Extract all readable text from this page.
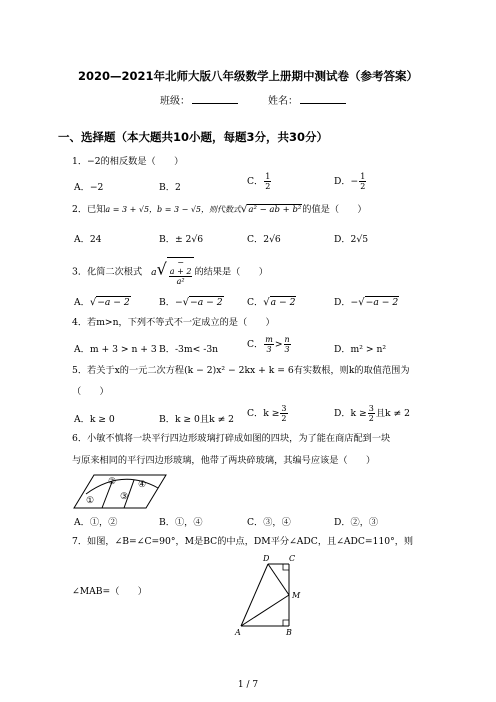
2020—2021年北师大版八年级数学上册期中测试卷（参考答案）
班级：	姓名：
一、选择题（本大题共10小题，每题3分，共30分）
1．−2的相反数是（　　）
A．−2	B．2
C． $\frac{1}{2}$	D．− $\frac{1}{2}$
2．已知a = 3 + √5，b = 3 − √5，则代数式√a² − ab + b²的值是（　　）
A．24	B．± 2√6	C．2√6	D．2√5
3．化简二次根式 a√ −
a + 2
a²
的结果是（　　）
A．√−a − 2	B．−√−a − 2	C．√a − 2	D．−√−a − 2
4．若m>n，下列不等式不一定成立的是（　　）
A．m + 3 > n + 3 B．-3m< -3n	C． $\frac{m}{3} > \frac{n}{3}$	D．m² > n²
5．若关于x的一元二次方程(k − 2)x² − 2kx + k = 6有实数根，则k的取值范围为
（　　）
A．k ≥ 0	B．k ≥ 0且k ≠ 2
C．$k \ge \frac{3}{2}$	D．$k \ge \frac{3}{2}$ 且k ≠ 2
6．小敏不慎将一块平行四边形玻璃打碎成如图的四块，为了能在商店配到一块
与原来相同的平行四边形玻璃，他带了两块碎玻璃，其编号应该是（　　）
② ④
①	③
A．①，②	B．①，④	C．③，④	D．②，③
7．如图，∠B=∠C=90°，M是BC的中点，DM平分∠ADC，且∠ADC=110°，则
∠MAB=（　　）
D C
M
A	B
1 / 7
